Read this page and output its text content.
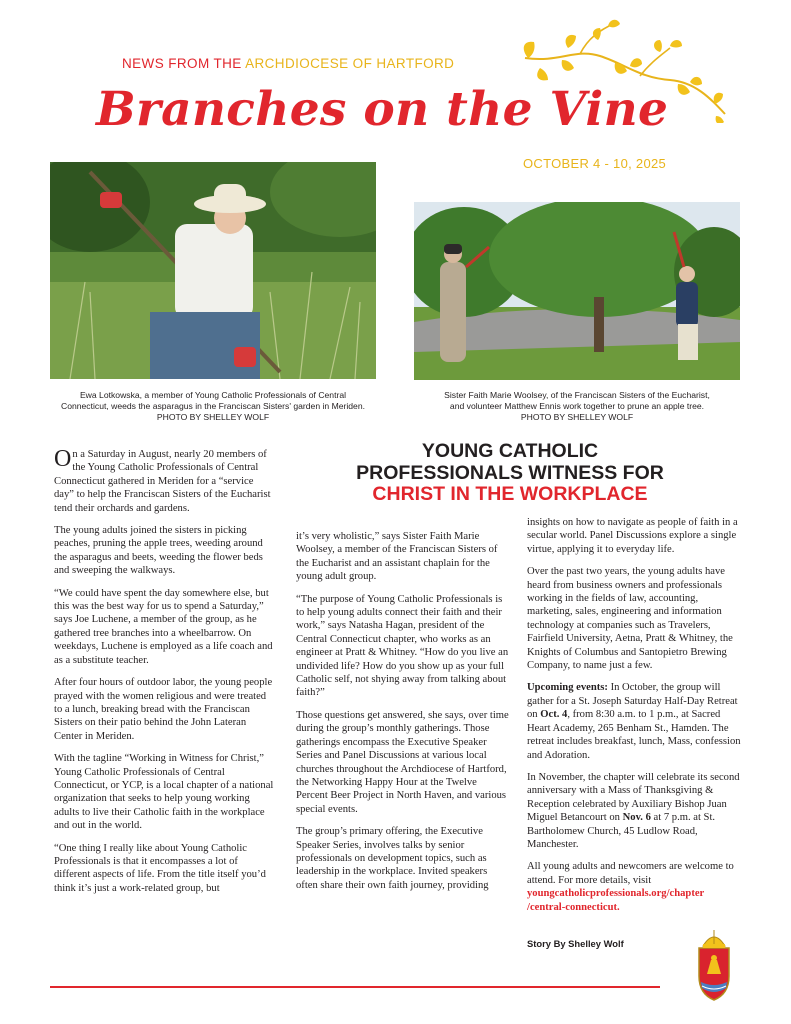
NEWS FROM THE ARCHDIOCESE OF HARTFORD
Branches on the Vine
OCTOBER 4 - 10, 2025
Ewa Lotkowska, a member of Young Catholic Professionals of Central
Connecticut, weeds the asparagus in the Franciscan Sisters' garden in Meriden.
PHOTO BY SHELLEY WOLF
Sister Faith Marie Woolsey, of the Franciscan Sisters of the Eucharist,
and volunteer Matthew Ennis work together to prune an apple tree.
PHOTO BY SHELLEY WOLF
YOUNG CATHOLIC
PROFESSIONALS WITNESS FOR
CHRIST IN THE WORKPLACE

On a Saturday in August, nearly 20 members of the Young Catholic Professionals of Central Connecticut gathered in Meriden for a “service day” to help the Franciscan Sisters of the Eucharist tend their orchards and gardens.

The young adults joined the sisters in picking peaches, pruning the apple trees, weeding around the asparagus and beets, weeding the flower beds and sweeping the walkways.

“We could have spent the day somewhere else, but this was the best way for us to spend a Saturday,” says Joe Luchene, a member of the group, as he gathered tree branches into a wheelbarrow. On weekdays, Luchene is employed as a life coach and as a substitute teacher.

After four hours of outdoor labor, the young people prayed with the women religious and were treated to a lunch, breaking bread with the Franciscan Sisters on their patio behind the John Lateran Center in Meriden.

With the tagline “Working in Witness for Christ,” Young Catholic Professionals of Central Connecticut, or YCP, is a local chapter of a national organization that seeks to help young working adults to live their Catholic faith in the workplace and out in the world.

“One thing I really like about Young Catholic Professionals is that it encompasses a lot of different aspects of life. From the title itself you’d think it’s just a work-related group, but

it’s very wholistic,” says Sister Faith Marie Woolsey, a member of the Franciscan Sisters of the Eucharist and an assistant chaplain for the young adult group.

“The purpose of Young Catholic Professionals is to help young adults connect their faith and their work,” says Natasha Hagan, president of the Central Connecticut chapter, who works as an engineer at Pratt & Whitney. “How do you live an undivided life? How do you show up as your full Catholic self, not shying away from talking about faith?”

Those questions get answered, she says, over time during the group’s monthly gatherings. Those gatherings encompass the Executive Speaker Series and Panel Discussions at various local churches throughout the Archdiocese of Hartford, the Networking Happy Hour at the Twelve Percent Beer Project in North Haven, and various special events.

The group’s primary offering, the Executive Speaker Series, involves talks by senior professionals on development topics, such as leadership in the workplace. Invited speakers often share their own faith journey, providing

insights on how to navigate as people of faith in a secular world. Panel Discussions explore a single virtue, applying it to everyday life.

Over the past two years, the young adults have heard from business owners and professionals working in the fields of law, accounting, marketing, sales, engineering and information technology at companies such as Travelers, Fairfield University, Aetna, Pratt & Whitney, the Knights of Columbus and Santopietro Brewing Company, to name just a few.

Upcoming events: In October, the group will gather for a St. Joseph Saturday Half-Day Retreat on Oct. 4, from 8:30 a.m. to 1 p.m., at Sacred Heart Academy, 265 Benham St., Hamden. The retreat includes breakfast, lunch, Mass, confession and Adoration.

In November, the chapter will celebrate its second anniversary with a Mass of Thanksgiving & Reception celebrated by Auxiliary Bishop Juan Miguel Betancourt on Nov. 6 at 7 p.m. at St. Bartholomew Church, 45 Ludlow Road, Manchester.

All young adults and newcomers are welcome to attend. For more details, visit
youngcatholicprofessionals.org/chapter
/central-connecticut.

Story By Shelley Wolf
